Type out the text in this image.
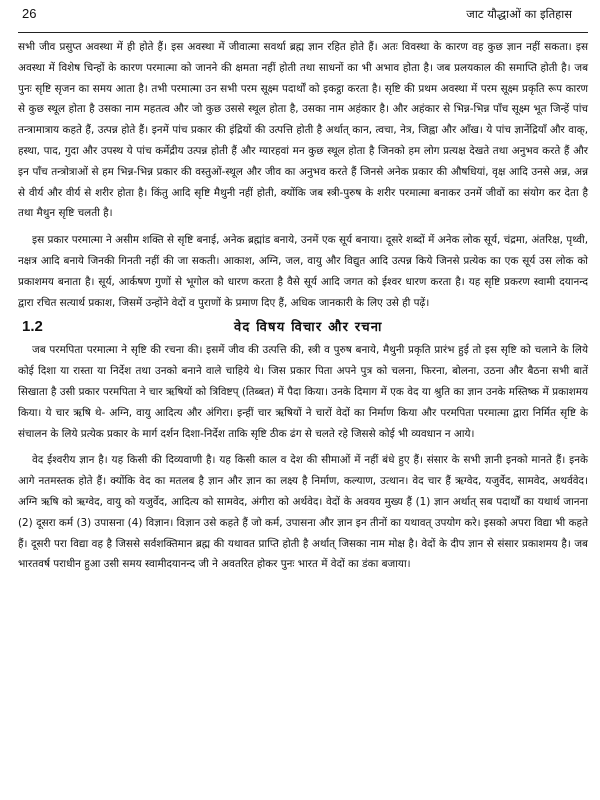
26	जाट यौद्धाओं का इतिहास

सभी जीव प्रसुप्त अवस्था में ही होते हैं। इस अवस्था में जीवात्मा सवर्था ब्रह्म ज्ञान रहित होते हैं। अतः विवस्था के कारण वह कुछ ज्ञान नहीं सकता। इस अवस्था में विशेष चिन्हों के कारण परमात्मा को जानने की क्षमता नहीं होती तथा साधनों का भी अभाव होता है। जब प्रलयकाल की समाप्ति होती है। जब पुनः सृष्टि सृजन का समय आता है। तभी परमात्मा उन सभी परम सूक्ष्म पदार्थों को इकट्ठा करता है। सृष्टि की प्रथम अवस्था में परम सूक्ष्म प्रकृति रूप कारण से कुछ स्थूल होता है उसका नाम महतत्व और जो कुछ उससे स्थूल होता है, उसका नाम अहंकार है। और अहंकार से भिन्न-भिन्न पाँच सूक्ष्म भूत जिन्हें पांच तन्त्रामात्राय कहते हैं, उत्पन्न होते हैं। इनमें पांच प्रकार की इंद्रियों की उत्पत्ति होती है अर्थात् कान, त्वचा, नेत्र, जिह्वा और आँख। ये पांच ज्ञानेंद्रियाँ और वाक्, हस्था, पाद, गुदा और उपस्थ ये पांच कर्मेद्रीय उत्पन्न होती हैं और ग्यारहवां मन कुछ स्थूल होता है जिनको हम लोग प्रत्यक्ष देखते तथा अनुभव करते हैं और इन पाँच तन्त्रोत्राओं से हम भिन्न-भिन्न प्रकार की वस्तुओं-स्थूल और जीव का अनुभव करते हैं जिनसे अनेक प्रकार की औषधियां, वृक्ष आदि उनसे अन्न, अन्न से वीर्य और वीर्य से शरीर होता है। किंतु आदि सृष्टि मैथुनी नहीं होती, क्योंकि जब स्त्री-पुरुष के शरीर परमात्मा बनाकर उनमें जीवों का संयोग कर देता है तथा मैथुन सृष्टि चलती है।

इस प्रकार परमात्मा ने असीम शक्ति से सृष्टि बनाई, अनेक ब्रह्मांड बनाये, उनमें एक सूर्य बनाया। दूसरे शब्दों में अनेक लोक सूर्य, चंद्रमा, अंतरिक्ष, पृथ्वी, नक्षत्र आदि बनाये जिनकी गिनती नहीं की जा सकती। आकाश, अग्नि, जल, वायु और विद्युत आदि उत्पन्न किये जिनसे प्रत्येक का एक सूर्य उस लोक को प्रकाशमय बनाता है। सूर्य, आर्कषण गुणों से भूगोल को धारण करता है वैसे सूर्य आदि जगत को ईश्वर धारण करता है। यह सृष्टि प्रकरण स्वामी दयानन्द द्वारा रचित सत्यार्थ प्रकाश, जिसमें उन्होंने वेदों व पुराणों के प्रमाण दिए हैं, अधिक जानकारी के लिए उसे ही पढ़ें।

1.2	वेद विषय विचार और रचना

जब परमपिता परमात्मा ने सृष्टि की रचना की। इसमें जीव की उत्पत्ति की, स्त्री व पुरुष बनाये, मैथुनी प्रकृति प्रारंभ हुई तो इस सृष्टि को चलाने के लिये कोई दिशा या रास्ता या निर्देश तथा उनको बनाने वाले चाहिये थे। जिस प्रकार पिता अपने पुत्र को चलना, फिरना, बोलना, उठना और बैठना सभी बातें सिखाता है उसी प्रकार परमपिता ने चार ऋषियों को त्रिविष्टप् (तिब्बत) में पैदा किया। उनके दिमाग में एक वेद या श्रुति का ज्ञान उनके मस्तिष्क में प्रकाशमय किया। ये चार ऋषि थे- अग्नि, वायु आदित्य और अंगिरा। इन्हीं चार ऋषियों ने चारों वेदों का निर्माण किया और परमपिता परमात्मा द्वारा निर्मित सृष्टि के संचालन के लिये प्रत्येक प्रकार के मार्ग दर्शन दिशा-निर्देश ताकि सृष्टि ठीक ढंग से चलते रहे जिससे कोई भी व्यवधान न आये।

वेद ईश्वरीय ज्ञान है। यह किसी की दिव्यवाणी है। यह किसी काल व देश की सीमाओं में नहीं बंधे हुए हैं। संसार के सभी ज्ञानी इनको मानते हैं। इनके आगे नतमस्तक होते हैं। क्योंकि वेद का मतलब है ज्ञान और ज्ञान का लक्ष्य है निर्माण, कल्याण, उत्थान। वेद चार हैं ऋग्वेद, यजुर्वेद, सामवेद, अथर्ववेद। अग्नि ऋषि को ऋग्वेद, वायु को यजुर्वेद, आदित्य को सामवेद, अंगीरा को अर्थवेद। वेदों के अवयव मुख्य हैं (1) ज्ञान अर्थात् सब पदार्थों का यथार्थ जानना (2) दूसरा कर्म (3) उपासना (4) विज्ञान। विज्ञान उसे कहते हैं जो कर्म, उपासना और ज्ञान इन तीनों का यथावत् उपयोग करे। इसको अपरा विद्या भी कहते हैं। दूसरी परा विद्या वह है जिससे सर्वशक्तिमान ब्रह्म की यथावत प्राप्ति होती है अर्थात् जिसका नाम मोक्ष है। वेदों के दीप ज्ञान से संसार प्रकाशमय है। जब भारतवर्ष पराधीन हुआ उसी समय स्वामीदयानन्द जी ने अवतरित होकर पुनः भारत में वेदों का डंका बजाया।
